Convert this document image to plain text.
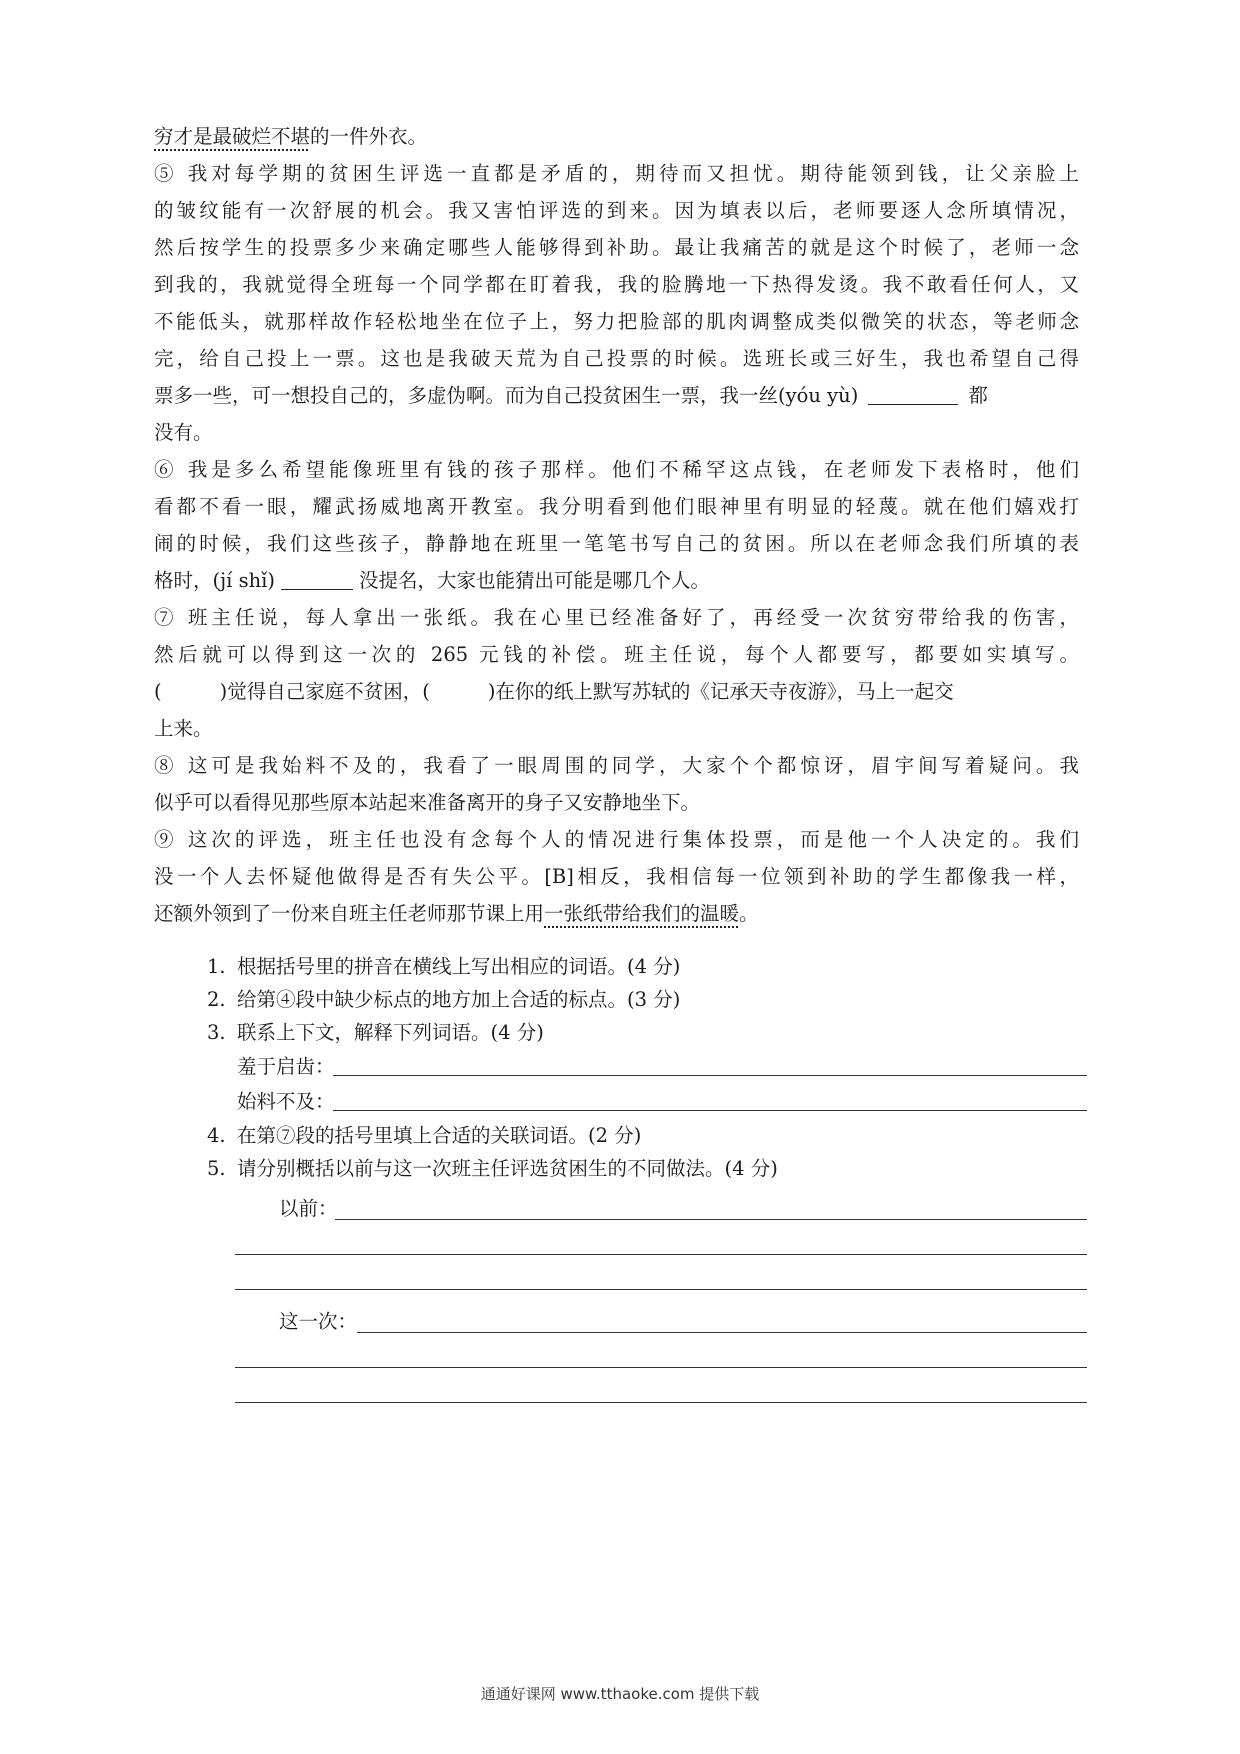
穷才是最破烂不堪的一件外衣。
⑤ 我对每学期的贫困生评选一直都是矛盾的，期待而又担忧。期待能领到钱，让父亲脸上
的皱纹能有一次舒展的机会。我又害怕评选的到来。因为填表以后，老师要逐人念所填情况，
然后按学生的投票多少来确定哪些人能够得到补助。最让我痛苦的就是这个时候了，老师一念
到我的，我就觉得全班每一个同学都在盯着我，我的脸腾地一下热得发烫。我不敢看任何人，又
不能低头，就那样故作轻松地坐在位子上，努力把脸部的肌肉调整成类似微笑的状态，等老师念
完，给自己投上一票。这也是我破天荒为自己投票的时候。选班长或三好生，我也希望自己得
票多一些，可一想投自己的，多虚伪啊。而为自己投贫困生一票，我一丝(yóu yù)	都
没有。
⑥ 我是多么希望能像班里有钱的孩子那样。他们不稀罕这点钱，在老师发下表格时，他们
看都不看一眼，耀武扬威地离开教室。我分明看到他们眼神里有明显的轻蔑。就在他们嬉戏打
闹的时候，我们这些孩子，静静地在班里一笔笔书写自己的贫困。所以在老师念我们所填的表
格时，(jí shǐ)	没提名，大家也能猜出可能是哪几个人。
⑦ 班主任说，每人拿出一张纸。我在心里已经准备好了，再经受一次贫穷带给我的伤害，
然后就可以得到这一次的 265 元钱的补偿。班主任说，每个人都要写，都要如实填写。
(	)觉得自己家庭不贫困，(	)在你的纸上默写苏轼的《记承天寺夜游》，马上一起交
上来。
⑧ 这可是我始料不及的，我看了一眼周围的同学，大家个个都惊讶，眉宇间写着疑问。我
似乎可以看得见那些原本站起来准备离开的身子又安静地坐下。
⑨ 这次的评选，班主任也没有念每个人的情况进行集体投票，而是他一个人决定的。我们
没一个人去怀疑他做得是否有失公平。[B]相反，我相信每一位领到补助的学生都像我一样，
还额外领到了一份来自班主任老师那节课上用一张纸带给我们的温暖。
1. 根据括号里的拼音在横线上写出相应的词语。(4 分)
2. 给第④段中缺少标点的地方加上合适的标点。(3 分)
3. 联系上下文，解释下列词语。(4 分)
羞于启齿：
始料不及：
4. 在第⑦段的括号里填上合适的关联词语。(2 分)
5. 请分别概括以前与这一次班主任评选贫困生的不同做法。(4 分)
以前：
这一次：
通通好课网 www.tthaoke.com 提供下载
